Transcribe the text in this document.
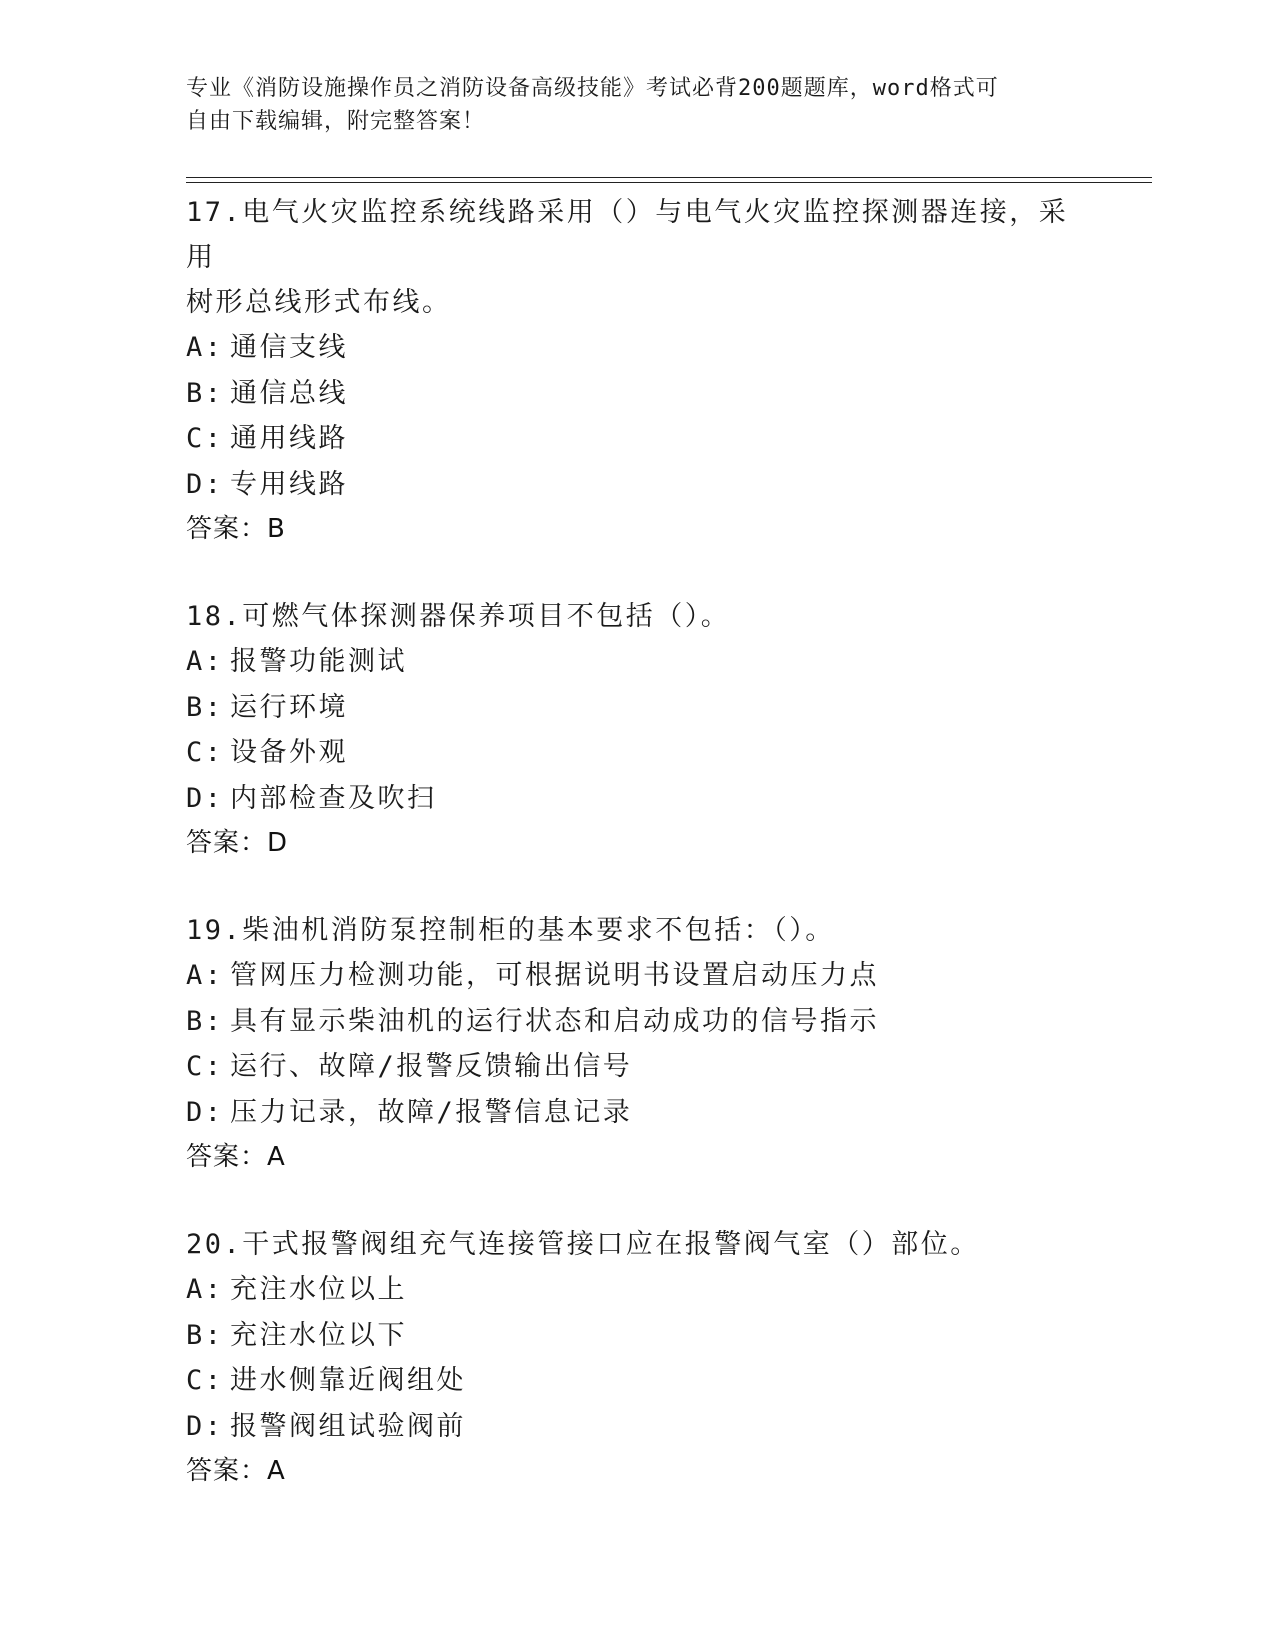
专业《消防设施操作员之消防设备高级技能》考试必背200题题库，word格式可
自由下载编辑，附完整答案！
17.电气火灾监控系统线路采用（）与电气火灾监控探测器连接，采用
树形总线形式布线。
A: 通信支线
B: 通信总线
C: 通用线路
D: 专用线路
答案：B
18.可燃气体探测器保养项目不包括（）。
A: 报警功能测试
B: 运行环境
C: 设备外观
D: 内部检查及吹扫
答案：D
19.柴油机消防泵控制柜的基本要求不包括：（）。
A: 管网压力检测功能，可根据说明书设置启动压力点
B: 具有显示柴油机的运行状态和启动成功的信号指示
C: 运行、故障/报警反馈输出信号
D: 压力记录，故障/报警信息记录
答案：A
20.干式报警阀组充气连接管接口应在报警阀气室（）部位。
A: 充注水位以上
B: 充注水位以下
C: 进水侧靠近阀组处
D: 报警阀组试验阀前
答案：A
